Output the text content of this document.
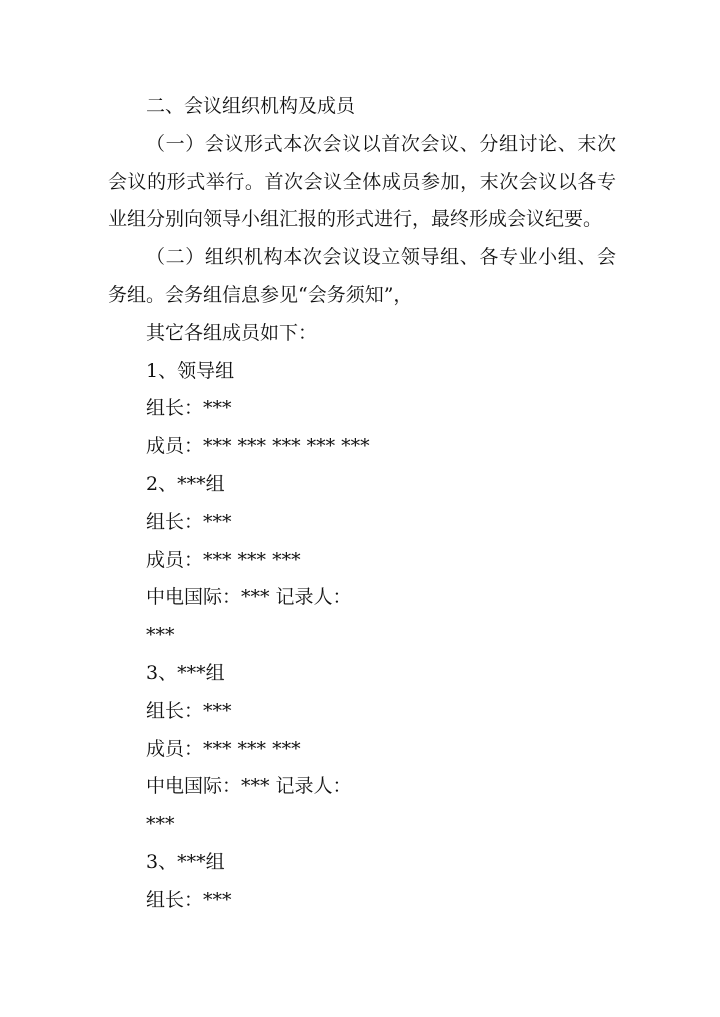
二、会议组织机构及成员

（一）会议形式本次会议以首次会议、分组讨论、末次会议的形式举行。首次会议全体成员参加，末次会议以各专业组分别向领导小组汇报的形式进行，最终形成会议纪要。

（二）组织机构本次会议设立领导组、各专业小组、会务组。会务组信息参见“会务须知”，

其它各组成员如下：

1、领导组

组长：***

成员：*** *** *** *** ***

2、***组

组长：***

成员：*** *** ***

中电国际：*** 记录人：

***

3、***组

组长：***

成员：*** *** ***

中电国际：*** 记录人：

***

3、***组

组长：***
